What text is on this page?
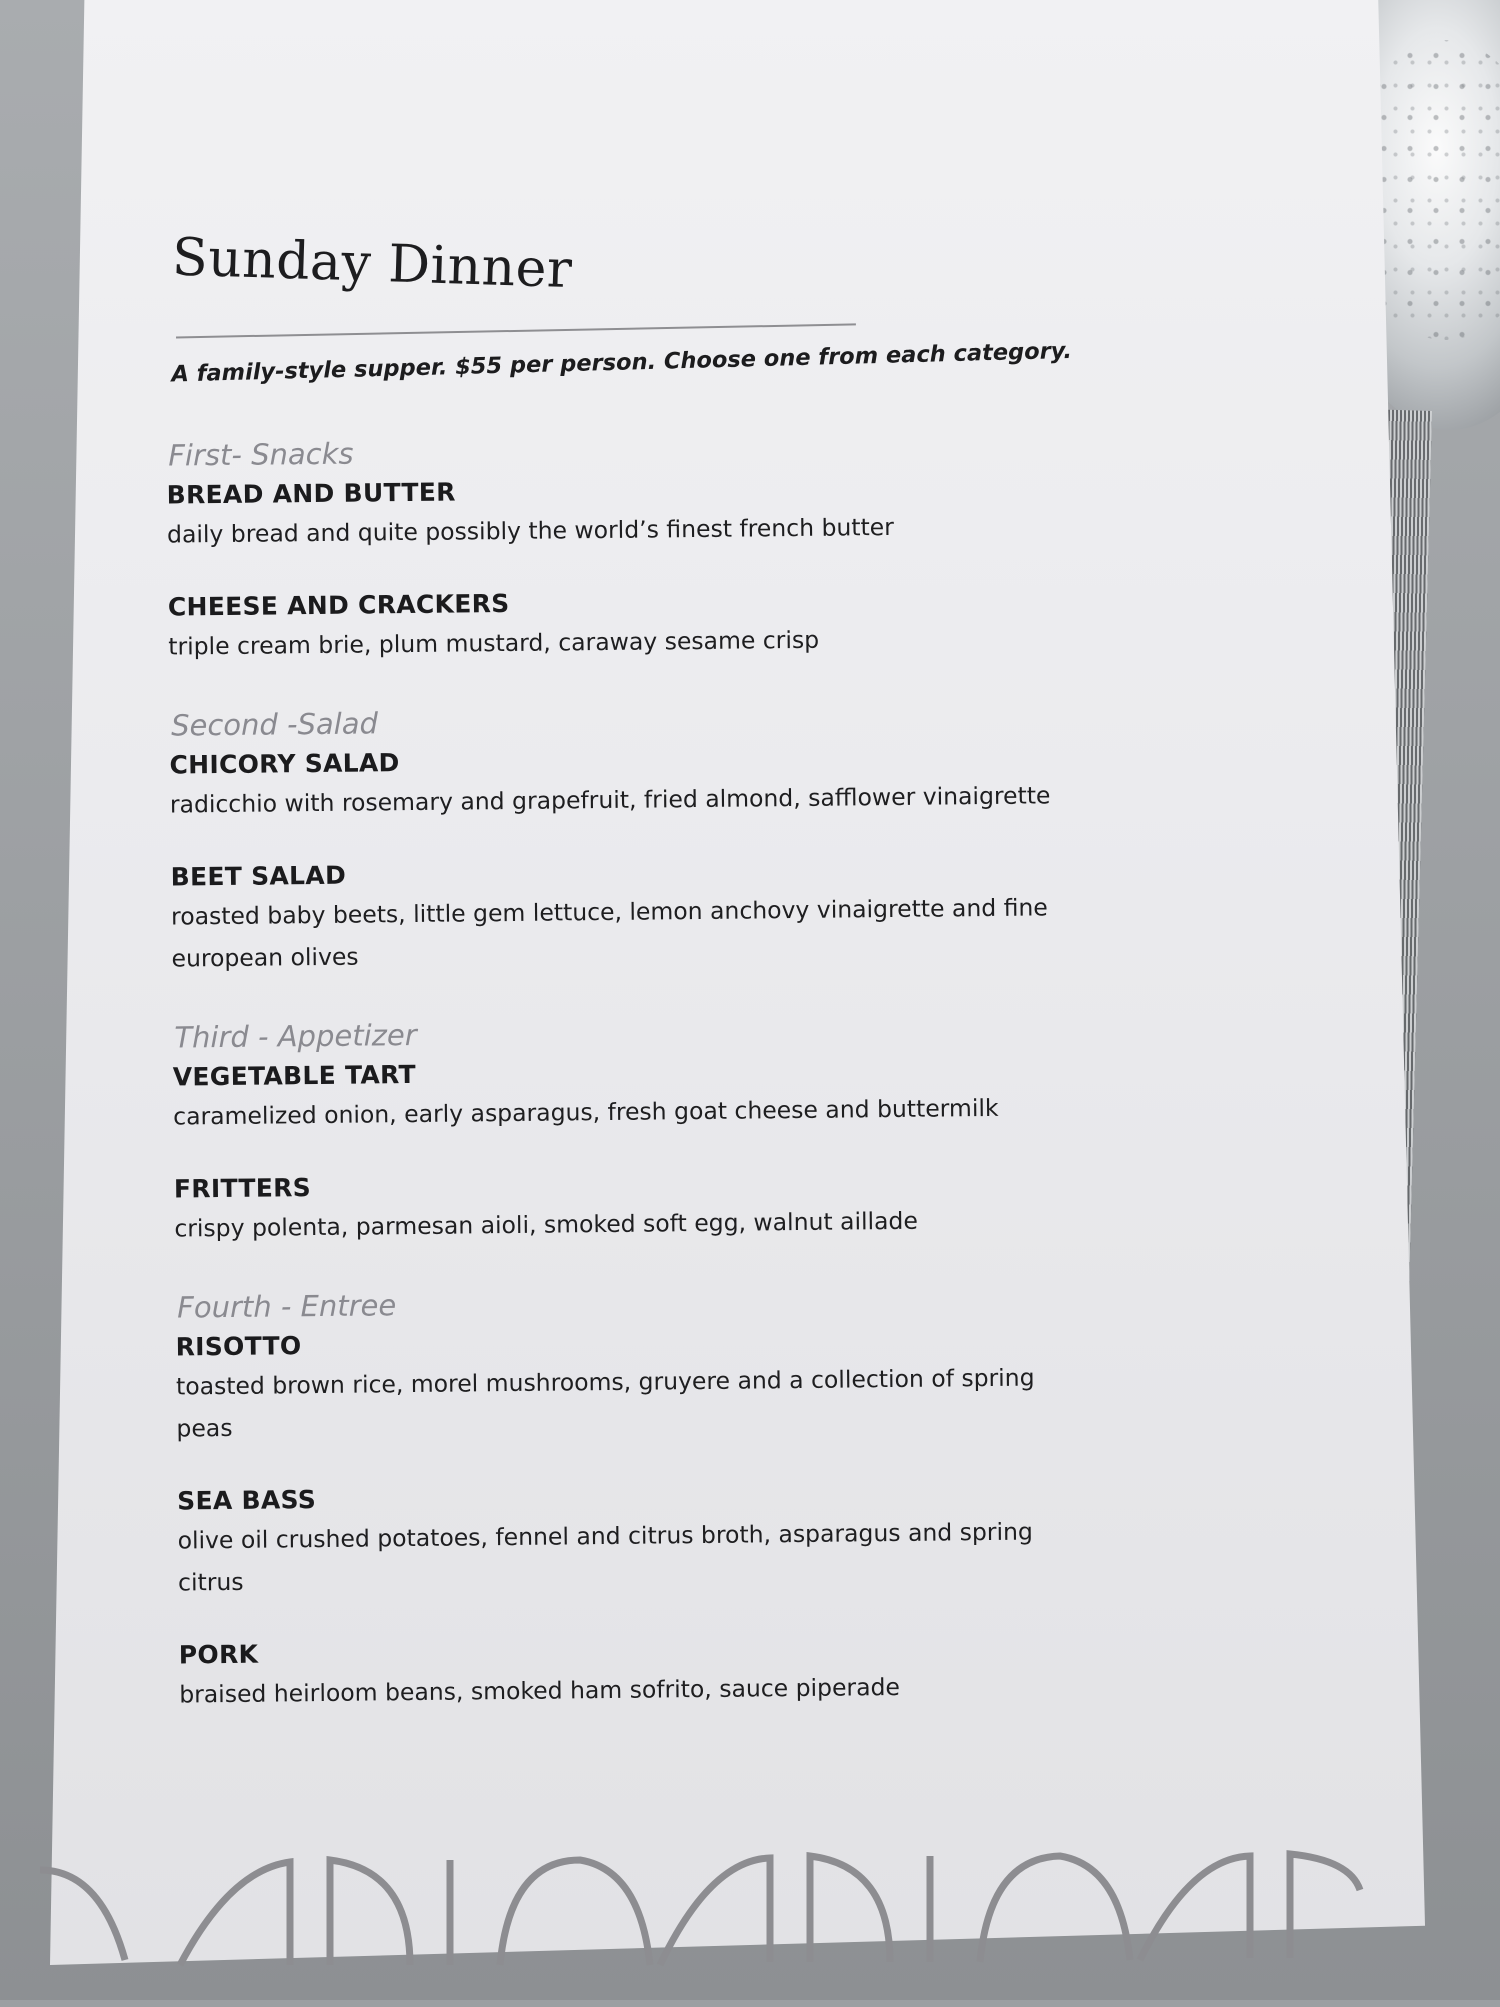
Sunday Dinner
A family-style supper. $55 per person. Choose one from each category.
First- Snacks
BREAD AND BUTTER
daily bread and quite possibly the world’s finest french butter
CHEESE AND CRACKERS
triple cream brie, plum mustard, caraway sesame crisp
Second -Salad
CHICORY SALAD
radicchio with rosemary and grapefruit, fried almond, safflower vinaigrette
BEET SALAD
roasted baby beets, little gem lettuce, lemon anchovy vinaigrette and fine european olives
Third - Appetizer
VEGETABLE TART
caramelized onion, early asparagus, fresh goat cheese and buttermilk
FRITTERS
crispy polenta, parmesan aioli, smoked soft egg, walnut aillade
Fourth - Entree
RISOTTO
toasted brown rice, morel mushrooms, gruyere and a collection of spring peas
SEA BASS
olive oil crushed potatoes, fennel and citrus broth, asparagus and spring citrus
PORK
braised heirloom beans, smoked ham sofrito, sauce piperade
